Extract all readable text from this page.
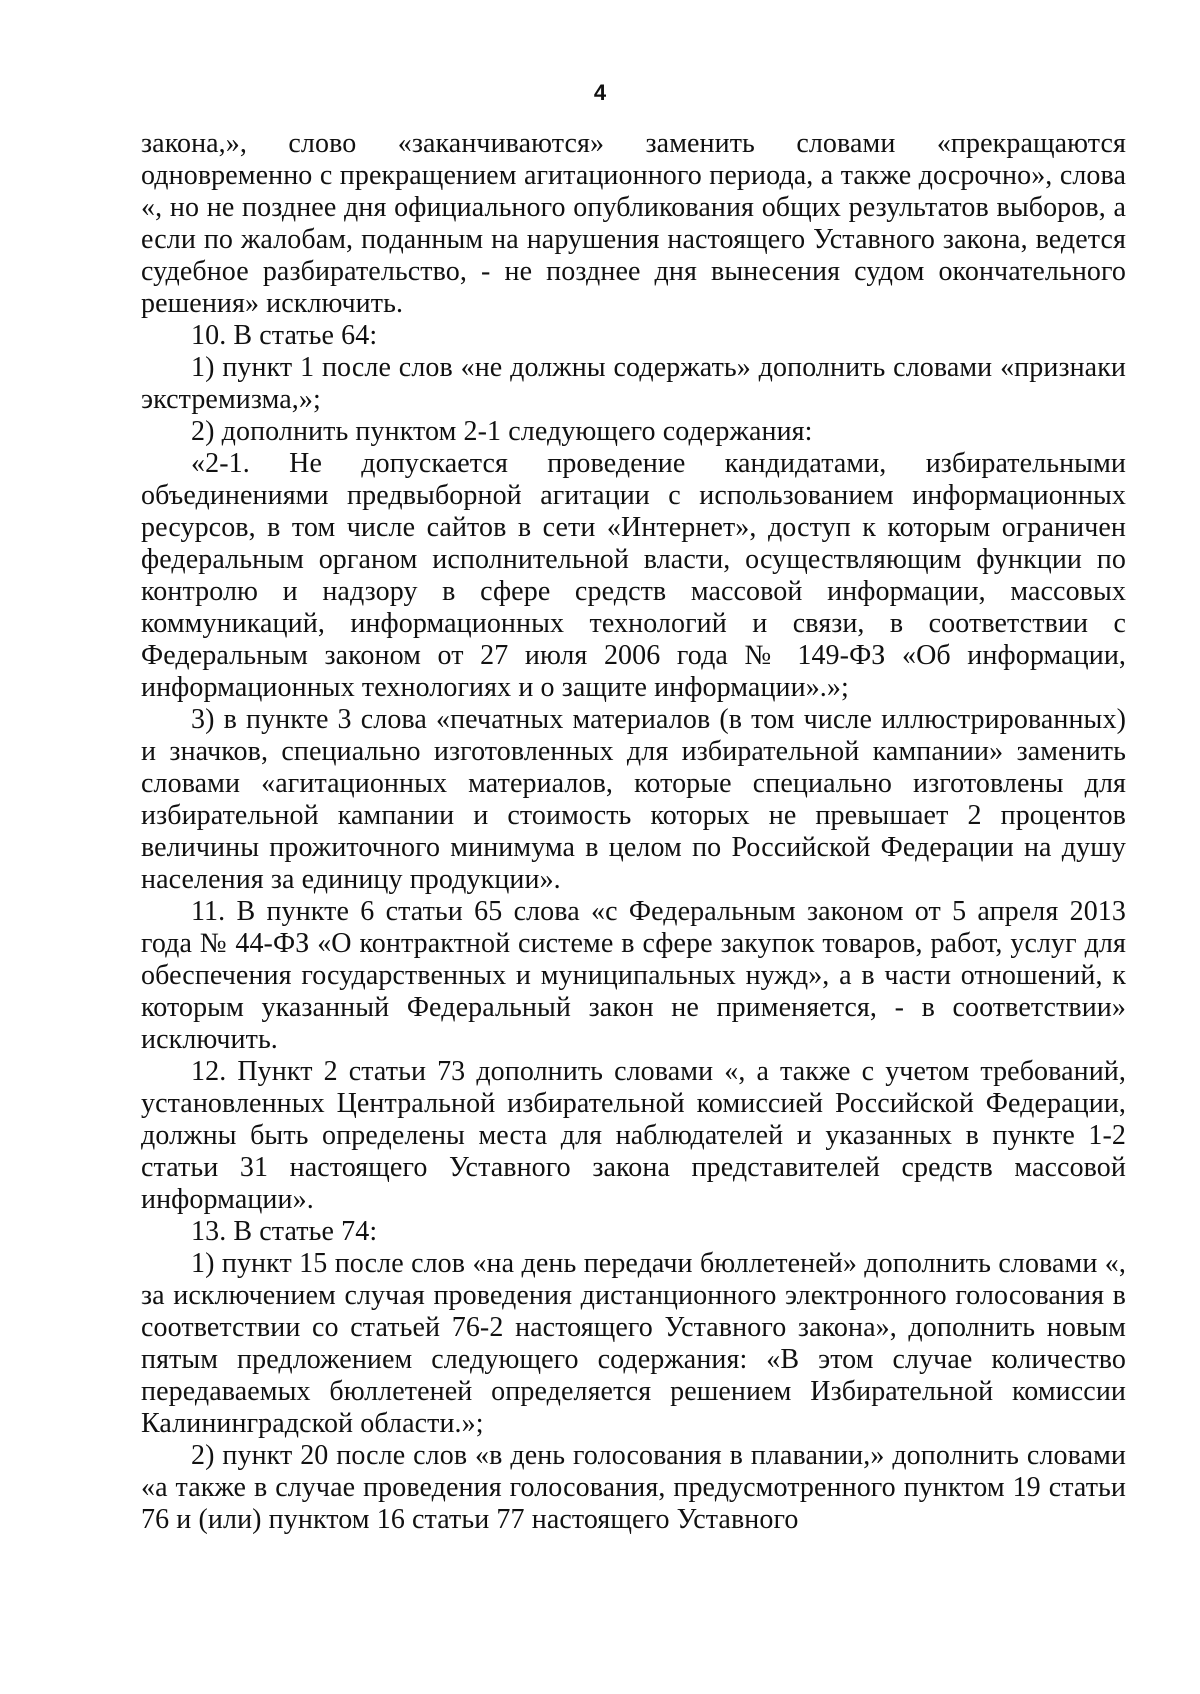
4

закона,», слово «заканчиваются» заменить словами «прекращаются одновременно с прекращением агитационного периода, а также досрочно», слова «, но не позднее дня официального опубликования общих результатов выборов, а если по жалобам, поданным на нарушения настоящего Уставного закона, ведется судебное разбирательство, - не позднее дня вынесения судом окончательного решения» исключить.

10. В статье 64:

1) пункт 1 после слов «не должны содержать» дополнить словами «признаки экстремизма,»;

2) дополнить пунктом 2-1 следующего содержания:

«2-1. Не допускается проведение кандидатами, избирательными объединениями предвыборной агитации с использованием информационных ресурсов, в том числе сайтов в сети «Интернет», доступ к которым ограничен федеральным органом исполнительной власти, осуществляющим функции по контролю и надзору в сфере средств массовой информации, массовых коммуникаций, информационных технологий и связи, в соответствии с Федеральным законом от 27 июля 2006 года № 149-ФЗ «Об информации, информационных технологиях и о защите информации».»;

3) в пункте 3 слова «печатных материалов (в том числе иллюстрированных) и значков, специально изготовленных для избирательной кампании» заменить словами «агитационных материалов, которые специально изготовлены для избирательной кампании и стоимость которых не превышает 2 процентов величины прожиточного минимума в целом по Российской Федерации на душу населения за единицу продукции».

11. В пункте 6 статьи 65 слова «с Федеральным законом от 5 апреля 2013 года № 44-ФЗ «О контрактной системе в сфере закупок товаров, работ, услуг для обеспечения государственных и муниципальных нужд», а в части отношений, к которым указанный Федеральный закон не применяется, - в соответствии» исключить.

12. Пункт 2 статьи 73 дополнить словами «, а также с учетом требований, установленных Центральной избирательной комиссией Российской Федерации, должны быть определены места для наблюдателей и указанных в пункте 1-2 статьи 31 настоящего Уставного закона представителей средств массовой информации».

13. В статье 74:

1) пункт 15 после слов «на день передачи бюллетеней» дополнить словами «, за исключением случая проведения дистанционного электронного голосования в соответствии со статьей 76-2 настоящего Уставного закона», дополнить новым пятым предложением следующего содержания: «В этом случае количество передаваемых бюллетеней определяется решением Избирательной комиссии Калининградской области.»;

2) пункт 20 после слов «в день голосования в плавании,» дополнить словами «а также в случае проведения голосования, предусмотренного пунктом 19 статьи 76 и (или) пунктом 16 статьи 77 настоящего Уставного
